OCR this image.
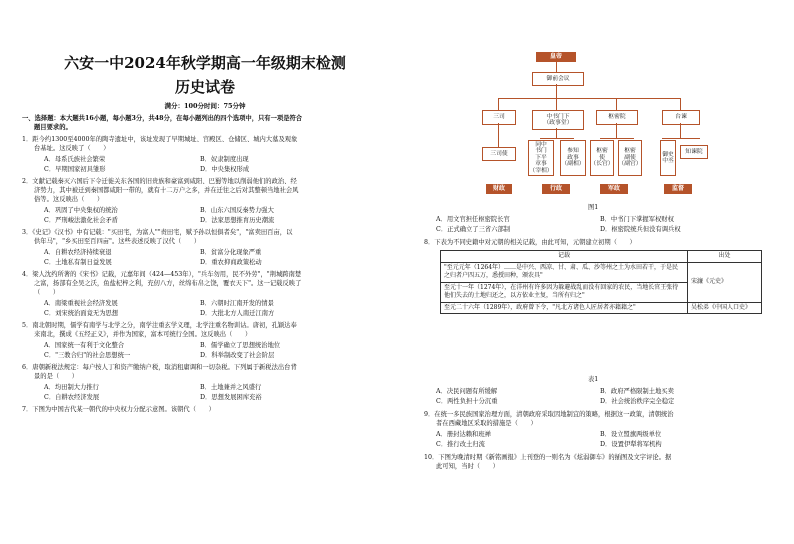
六安一中2024年秋学期高一年级期末检测
历史试卷
满分：100分时间：75分钟
一、选择题：本大题共16小题，每小题3分，共48分，在每小题列出的四个选项中，只有一项是符合
题目要求的。
1．距今约1300至4000年的陶寺遗址中，该址发现了早期城址、宫殿区、仓储区、城内大墓及观象
台基址。这反映了（　　）
A．母系氏族社会繁荣	B．奴隶制度出现
C．早期国家初具雏形	D．中央集权形成
2．文献记载秦灭六国后下令迁徙关东各国的旧贵族和豪富到咸阳、巴蜀等地以削弱他们的政治、经
济势力，其中被迁到秦国都咸阳一带的，就有十二万户之多，并在迁往之后对其整顿当地社会风
俗等。这反映出（　　）
A．巩固了中央集权的统治	B．山东六国反秦势力强大
C．严刑峻法激化社会矛盾	D．法家思想推育历史潮流
3．《史记》《汉书》中有记载："买田宅，为富人""责田宅，赋予孙以恒俱者矣"，"富卖田百亩，以
供年马"，"乡买田至百四亩"。这些表述反映了汉代（　　）
A．自耕农经济持续衰退	B．贫富分化现象严重
C．土地私有制日益发展	D．重农抑商政策松动
4．梁人沈约所著的《宋书》记载，元嘉年间（424—453年），"兵车勿用，民不外劳"，"荆城跨南楚
之富，扬部有全吴之沃，鱼盐杞梓之利，充仞八方，丝绵布帛之饶，覆衣天下"。这一记载反映了
（　　）
A．南梁重视社会经济发展	B．六朝时江南开发的情景
C．刘宋统治面竟无为思想	D．大批北方人南迁江南方
5．南北朝时期，儒学有南学与北学之分，南学注重玄学义理，北学注重名物训诂。唐初，孔颖达奉
来南北，撰成《五经正义》，并作为国家，富本可统行全国。这反映出（　　）
A．国家统一有利于文化整合	B．儒学确立了思想统治地位
C．"三教合归"的社会思想统一	D．科举制改变了社会阶层
6．唐朝新税法规定：每户按人丁和资产缴纳户税，取消租庸调和一切杂税。下列属于新税法出台背
景的是（　　）
A．均田制大力推行	B．土地兼并之风盛行
C．自耕农经济发展	D．思想发展困库充裕
7．下图为中国古代某一朝代的中央权力分配示意图。该朝代（　　）
皇帝
御前会议
三司	中书门下
（政事堂）
枢密院	台谏
三司使
同中
书门
下平
章事
（宰相）
参知
政事
（副相）
枢密
使
（长官）
枢密
副使
（副官）
御史
中丞
知谏院
财政	行政	军政	监督
图1
A．用文官担任枢密院长官	B．中书门下掌握军权财权
C．正式确立了三省六部制	D．枢密院统兵但没有调兵权
8．下表为不同史籍中对元朝的相关记载，由此可知，元朝建立初期（　　）
记载	出处
"至元元年（1264年）……是中兴、西凉、甘、肃、瓜、沙等州之土为水田若干，于是民之归者户四五万，悉授田种，颁农具"	宋濂《元史》
至元十一年（1274年），在洋州有许多因为躲避战乱而没有回家的农民，当地长官王张待他们失去的土地归还之，以方依业主复，当所有归之"	
至元二十六年（1289年），政府曾下令，"凡北方诸色人匠居者亦籍籍之"	吴松弟《中国人口史》
表1
A．决民问题有所缓解	B．政府严格限制土地买卖
C．两性负担十分沉重	D．社会统治秩序完全稳定
9．在统一多民族国家治理方面，清朝政府采取因地制宜的策略，根据这一政策，清朝统治
者在西藏地区采取的措施是（　　）
A．册封达赖和班禅	B．设立盟旗两级单位
C．推行改土归流	D．设置伊犁将军机构
10．下图为晚清时期《新铭画报》上刊登的一则名为《炫弱御车》的插图及文字评论。据
此可知，当时（　　）
